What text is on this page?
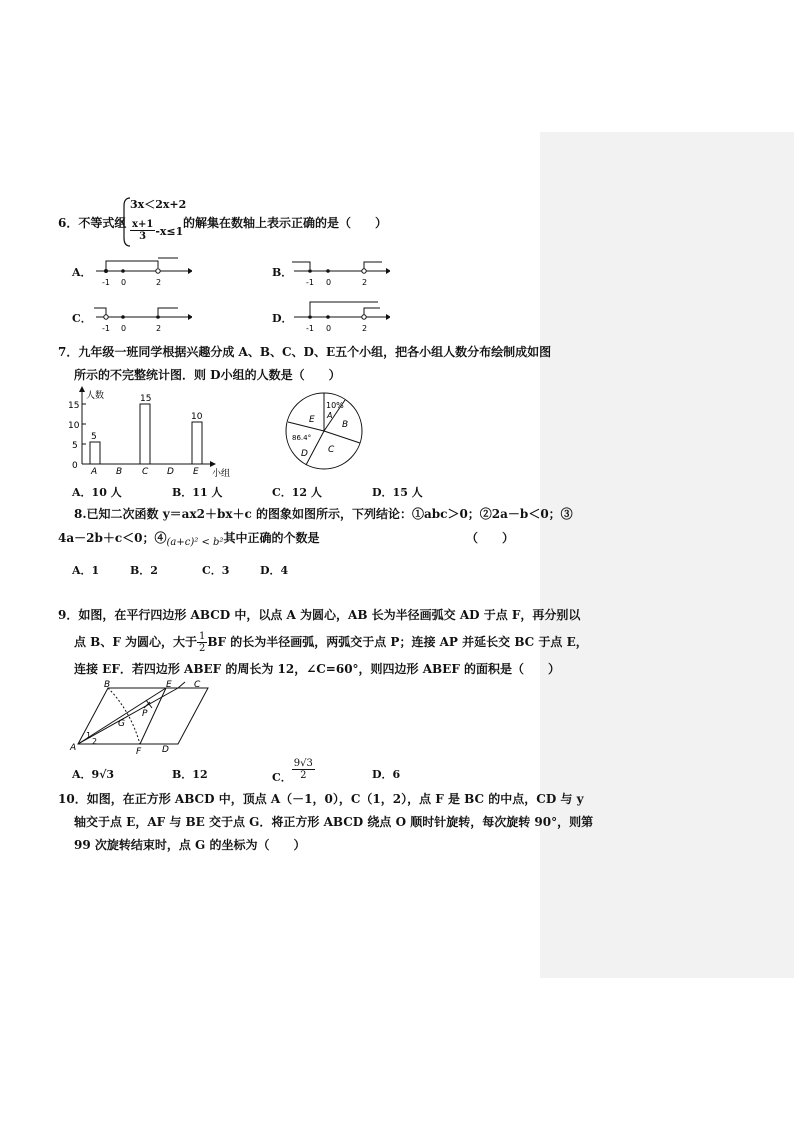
6．不等式组
3x＜2x+2
$\frac{x+1}{3} -x\le 1$
的解集在数轴上表示正确的是（　　）
A．
-1 0	2
B．
-1 0	2
C．
-1 0	2
D．
-1 0	2
7．九年级一班同学根据兴趣分成 A、B、C、D、E五个小组，把各小组人数分布绘制成如图
所示的不完整统计图．则 D小组的人数是（　　）
15
10
5
0
人数
小组
5
15
10
A B C D E
10%
A
E	B
C
86.4°
D
A．10 人	B．11 人	C．12 人	D．15 人
8.已知二次函数 y＝ax2＋bx＋c 的图象如图所示，下列结论：①abc＞0；②2a－b＜0；③
4a－2b＋c＜0；$④_{(a+c)^2 < b^2}$其中正确的个数是	（　　）
A．1	B．2	C．3	D．4
9．如图，在平行四边形 ABCD 中，以点 A 为圆心，AB 长为半径画弧交 AD 于点 F，再分别以
点 B、F 为圆心，大于 $\frac{1}{2}$ BF 的长为半径画弧，两弧交于点 P；连接 AP 并延长交 BC 于点 E，
连接 EF．若四边形 ABEF 的周长为 12，∠C=60°，则四边形 ABEF 的面积是（　　）
B	E C
P
G
A	F D
1
2
A．9√3	B．12	C． $\frac{9√3}{2}$	D．6
10．如图，在正方形 ABCD 中，顶点 A（－1，0），C（1，2），点 F 是 BC 的中点，CD 与 y
轴交于点 E，AF 与 BE 交于点 G．将正方形 ABCD 绕点 O 顺时针旋转，每次旋转 90°，则第
99 次旋转结束时，点 G 的坐标为（　　）
